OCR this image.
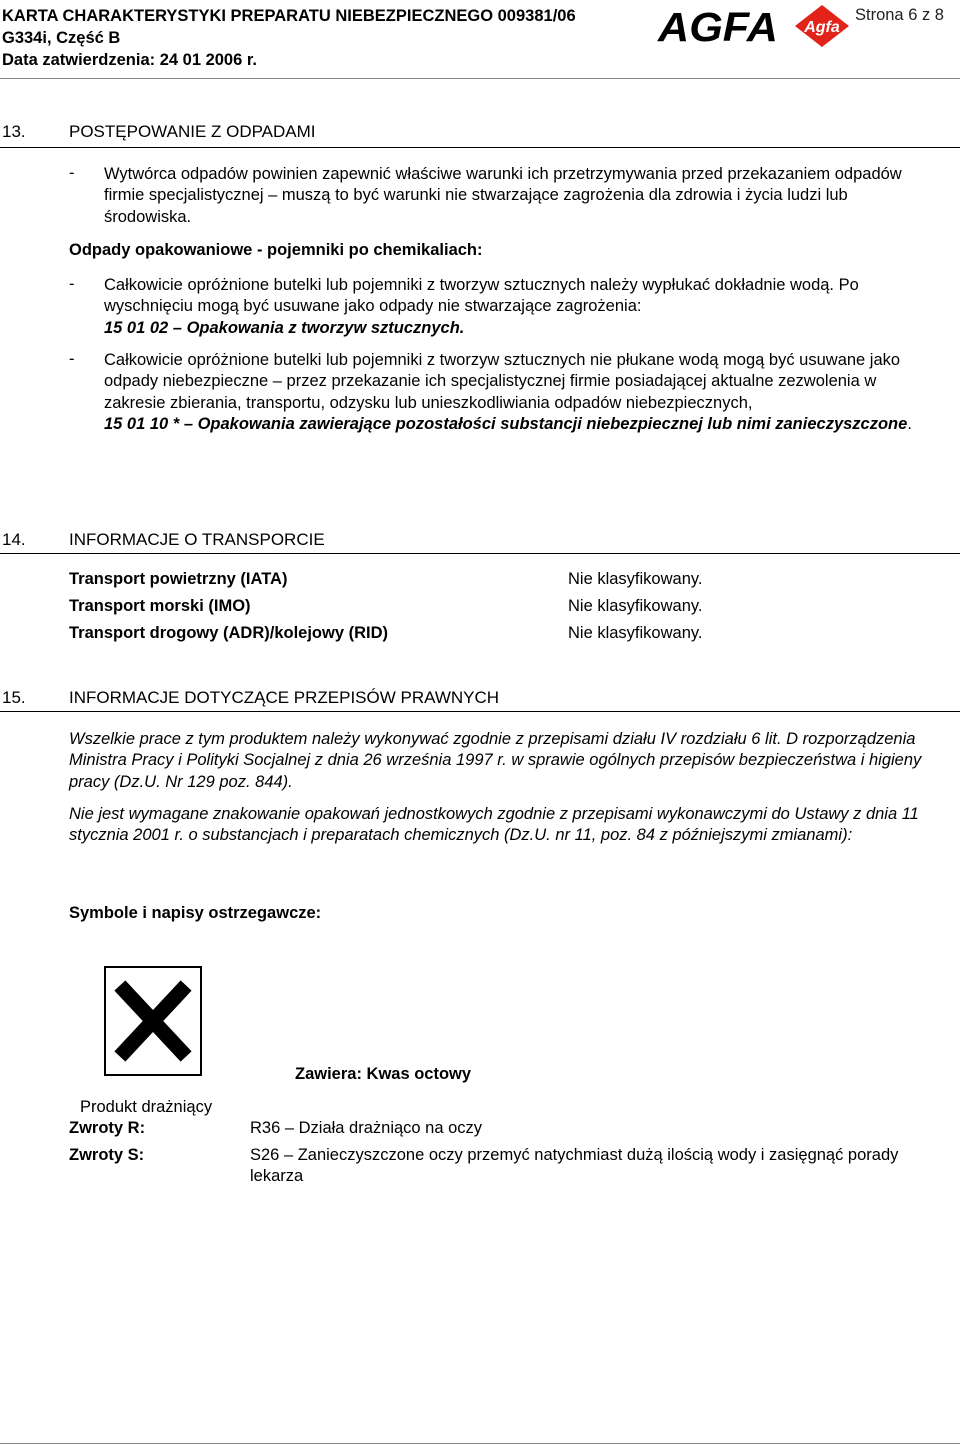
KARTA CHARAKTERYSTYKI PREPARATU NIEBEZPIECZNEGO 009381/06
G334i, Część B
Data zatwierdzenia: 24 01 2006 r.
AGFA Agfa
Strona 6 z 8
13.	POSTĘPOWANIE Z ODPADAMI
- Wytwórca odpadów powinien zapewnić właściwe warunki ich przetrzymywania przed przekazaniem odpadów firmie specjalistycznej – muszą to być warunki nie stwarzające zagrożenia dla zdrowia i życia ludzi lub środowiska.
Odpady opakowaniowe - pojemniki po chemikaliach:
- Całkowicie opróżnione butelki lub pojemniki z tworzyw sztucznych należy wypłukać dokładnie wodą. Po wyschnięciu mogą być usuwane jako odpady nie stwarzające zagrożenia:
15 01 02 – Opakowania z tworzyw sztucznych.
- Całkowicie opróżnione butelki lub pojemniki z tworzyw sztucznych nie płukane wodą mogą być usuwane jako odpady niebezpieczne – przez przekazanie ich specjalistycznej firmie posiadającej aktualne zezwolenia w zakresie zbierania, transportu, odzysku lub unieszkodliwiania odpadów niebezpiecznych,
15 01 10 * – Opakowania zawierające pozostałości substancji niebezpiecznej lub nimi zanieczyszczone.
14.	INFORMACJE O TRANSPORCIE
Transport powietrzny (IATA)	Nie klasyfikowany.
Transport morski (IMO)	Nie klasyfikowany.
Transport drogowy (ADR)/kolejowy (RID)	Nie klasyfikowany.
15.	INFORMACJE DOTYCZĄCE PRZEPISÓW PRAWNYCH
Wszelkie prace z tym produktem należy wykonywać zgodnie z przepisami działu IV rozdziału 6 lit. D rozporządzenia Ministra Pracy i Polityki Socjalnej z dnia 26 września 1997 r. w sprawie ogólnych przepisów bezpieczeństwa i higieny pracy (Dz.U. Nr 129 poz. 844).
Nie jest wymagane znakowanie opakowań jednostkowych zgodnie z przepisami wykonawczymi do Ustawy z dnia 11 stycznia 2001 r. o substancjach i preparatach chemicznych (Dz.U. nr 11, poz. 84 z późniejszymi zmianami):
Symbole i napisy ostrzegawcze:
Zawiera: Kwas octowy
Produkt drażniący
Zwroty R:	R36 – Działa drażniąco na oczy
Zwroty S:	S26 – Zanieczyszczone oczy przemyć natychmiast dużą ilością wody i zasięgnąć porady lekarza
